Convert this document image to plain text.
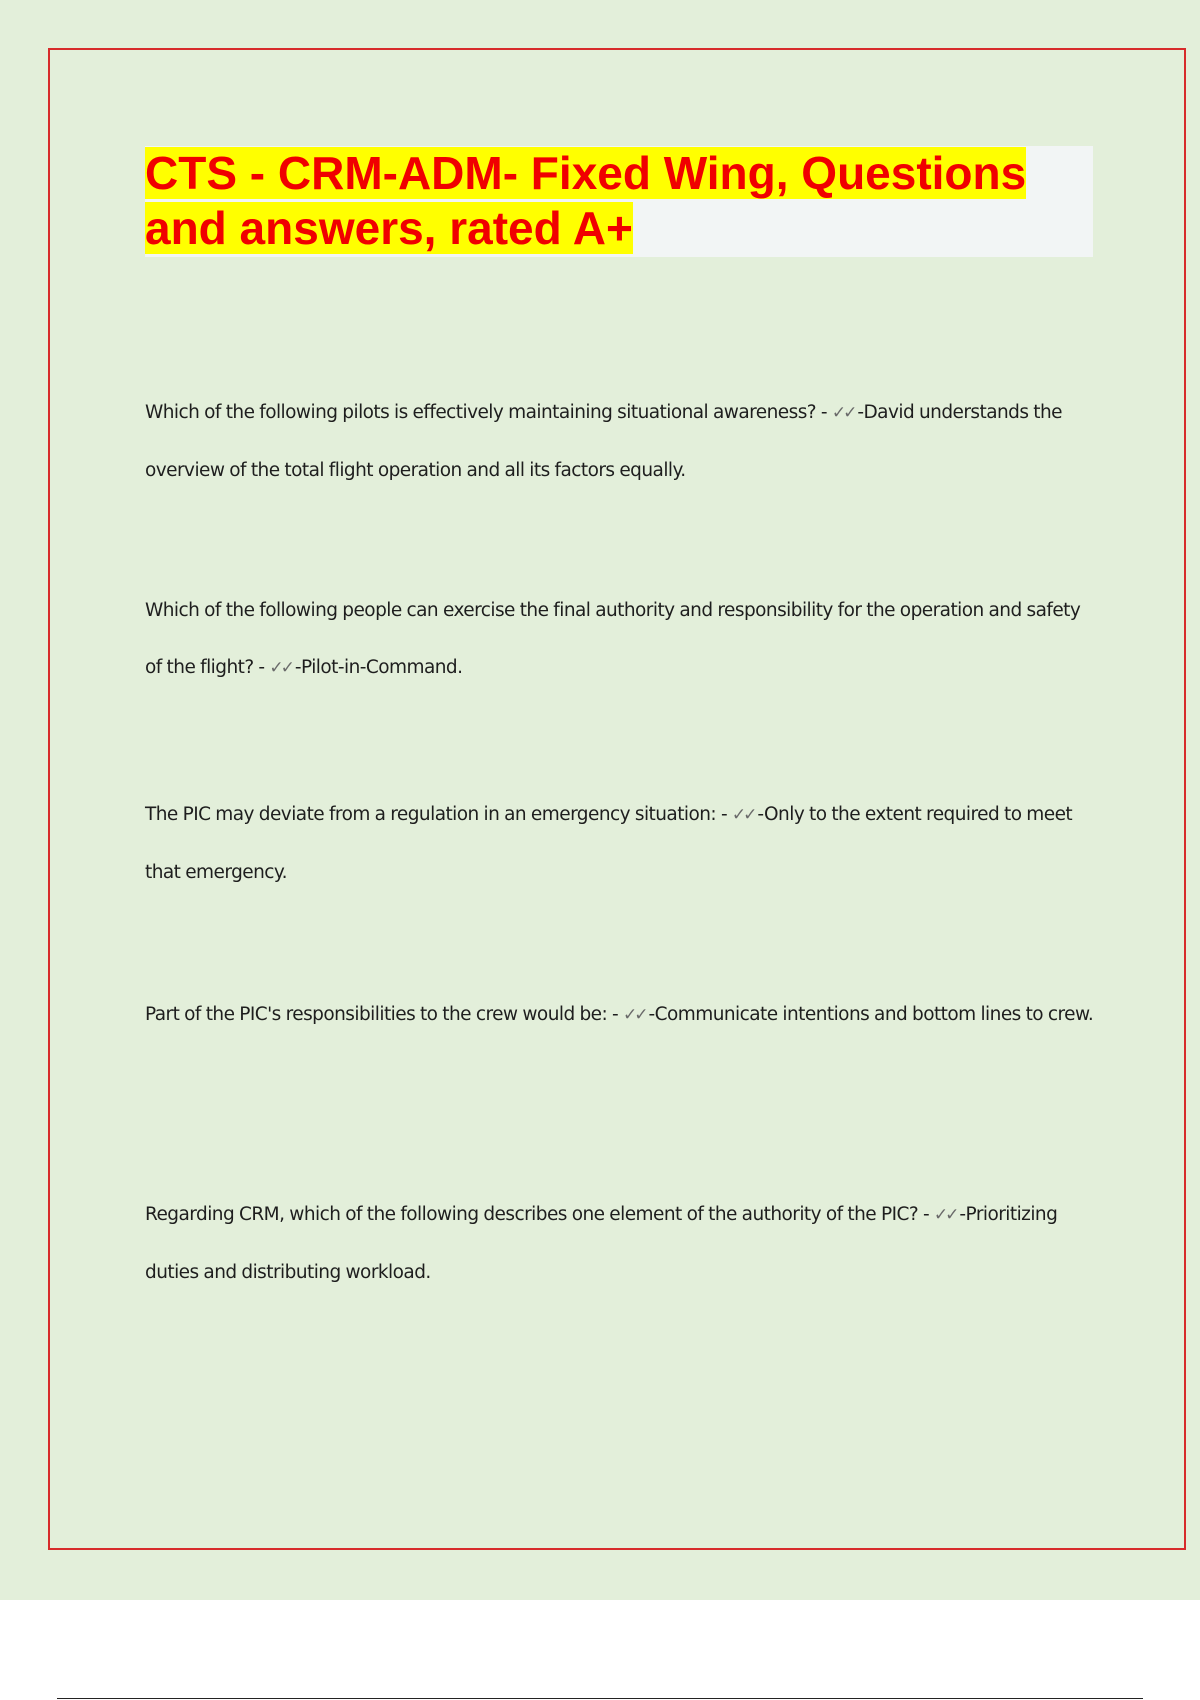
CTS - CRM-ADM- Fixed Wing, Questions and answers, rated A+

Which of the following pilots is effectively maintaining situational awareness? - ✓✓ -David understands the overview of the total flight operation and all its factors equally.

Which of the following people can exercise the final authority and responsibility for the operation and safety of the flight? - ✓✓ -Pilot-in-Command.

The PIC may deviate from a regulation in an emergency situation: - ✓✓ -Only to the extent required to meet that emergency.

Part of the PIC's responsibilities to the crew would be: - ✓✓ -Communicate intentions and bottom lines to crew.

Regarding CRM, which of the following describes one element of the authority of the PIC? - ✓✓ -Prioritizing duties and distributing workload.
